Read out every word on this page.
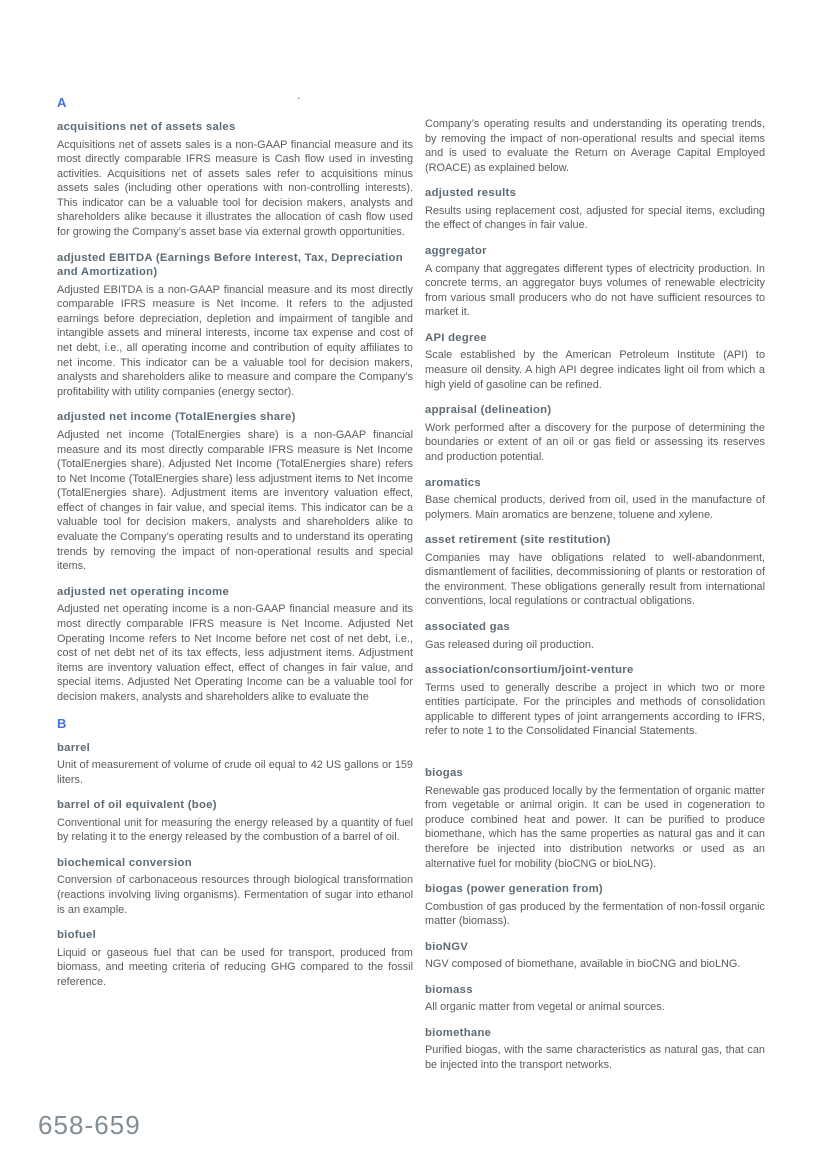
.
A
acquisitions net of assets sales

Acquisitions net of assets sales is a non-GAAP financial measure and its most directly comparable IFRS measure is Cash flow used in investing activities. Acquisitions net of assets sales refer to acquisitions minus assets sales (including other operations with non-controlling interests). This indicator can be a valuable tool for decision makers, analysts and shareholders alike because it illustrates the allocation of cash flow used for growing the Company’s asset base via external growth opportunities.

adjusted EBITDA (Earnings Before Interest, Tax, Depreciation and Amortization)

Adjusted EBITDA is a non-GAAP financial measure and its most directly comparable IFRS measure is Net Income. It refers to the adjusted earnings before depreciation, depletion and impairment of tangible and intangible assets and mineral interests, income tax expense and cost of net debt, i.e., all operating income and contribution of equity affiliates to net income. This indicator can be a valuable tool for decision makers, analysts and shareholders alike to measure and compare the Company’s profitability with utility companies (energy sector).

adjusted net income (TotalEnergies share)

Adjusted net income (TotalEnergies share) is a non-GAAP financial measure and its most directly comparable IFRS measure is Net Income (TotalEnergies share). Adjusted Net Income (TotalEnergies share) refers to Net Income (TotalEnergies share) less adjustment items to Net Income (TotalEnergies share). Adjustment items are inventory valuation effect, effect of changes in fair value, and special items. This indicator can be a valuable tool for decision makers, analysts and shareholders alike to evaluate the Company’s operating results and to understand its operating trends by removing the impact of non-operational results and special items.

adjusted net operating income

Adjusted net operating income is a non-GAAP financial measure and its most directly comparable IFRS measure is Net Income. Adjusted Net Operating Income refers to Net Income before net cost of net debt, i.e., cost of net debt net of its tax effects, less adjustment items. Adjustment items are inventory valuation effect, effect of changes in fair value, and special items. Adjusted Net Operating Income can be a valuable tool for decision makers, analysts and shareholders alike to evaluate the

B
barrel

Unit of measurement of volume of crude oil equal to 42 US gallons or 159 liters.

barrel of oil equivalent (boe)

Conventional unit for measuring the energy released by a quantity of fuel by relating it to the energy released by the combustion of a barrel of oil.

biochemical conversion

Conversion of carbonaceous resources through biological transformation (reactions involving living organisms). Fermentation of sugar into ethanol is an example.

biofuel

Liquid or gaseous fuel that can be used for transport, produced from biomass, and meeting criteria of reducing GHG compared to the fossil reference.

Company’s operating results and understanding its operating trends, by removing the impact of non-operational results and special items and is used to evaluate the Return on Average Capital Employed (ROACE) as explained below.

adjusted results

Results using replacement cost, adjusted for special items, excluding the effect of changes in fair value.

aggregator

A company that aggregates different types of electricity production. In concrete terms, an aggregator buys volumes of renewable electricity from various small producers who do not have sufficient resources to market it.

API degree

Scale established by the American Petroleum Institute (API) to measure oil density. A high API degree indicates light oil from which a high yield of gasoline can be refined.

appraisal (delineation)

Work performed after a discovery for the purpose of determining the boundaries or extent of an oil or gas field or assessing its reserves and production potential.

aromatics

Base chemical products, derived from oil, used in the manufacture of polymers. Main aromatics are benzene, toluene and xylene.

asset retirement (site restitution)

Companies may have obligations related to well-abandonment, dismantlement of facilities, decommissioning of plants or restoration of the environment. These obligations generally result from international conventions, local regulations or contractual obligations.

associated gas

Gas released during oil production.

association/consortium/joint-venture

Terms used to generally describe a project in which two or more entities participate. For the principles and methods of consolidation applicable to different types of joint arrangements according to IFRS, refer to note 1 to the Consolidated Financial Statements.

biogas

Renewable gas produced locally by the fermentation of organic matter from vegetable or animal origin. It can be used in cogeneration to produce combined heat and power. It can be purified to produce biomethane, which has the same properties as natural gas and it can therefore be injected into distribution networks or used as an alternative fuel for mobility (bioCNG or bioLNG).

biogas (power generation from)

Combustion of gas produced by the fermentation of non-fossil organic matter (biomass).

bioNGV

NGV composed of biomethane, available in bioCNG and bioLNG.

biomass

All organic matter from vegetal or animal sources.

biomethane

Purified biogas, with the same characteristics as natural gas, that can be injected into the transport networks.

658-659
